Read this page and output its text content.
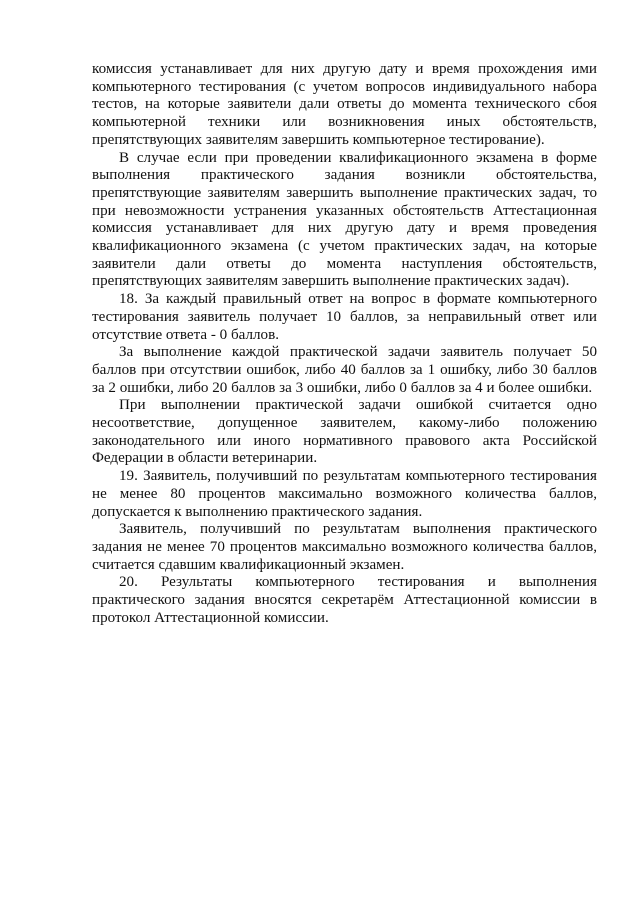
комиссия устанавливает для них другую дату и время прохождения ими компьютерного тестирования (с учетом вопросов индивидуального набора тестов, на которые заявители дали ответы до момента технического сбоя компьютерной техники или возникновения иных обстоятельств, препятствующих заявителям завершить компьютерное тестирование).

В случае если при проведении квалификационного экзамена в форме выполнения практического задания возникли обстоятельства, препятствующие заявителям завершить выполнение практических задач, то при невозможности устранения указанных обстоятельств Аттестационная комиссия устанавливает для них другую дату и время проведения квалификационного экзамена (с учетом практических задач, на которые заявители дали ответы до момента наступления обстоятельств, препятствующих заявителям завершить выполнение практических задач).

18. За каждый правильный ответ на вопрос в формате компьютерного тестирования заявитель получает 10 баллов, за неправильный ответ или отсутствие ответа - 0 баллов.

За выполнение каждой практической задачи заявитель получает 50 баллов при отсутствии ошибок, либо 40 баллов за 1 ошибку, либо 30 баллов за 2 ошибки, либо 20 баллов за 3 ошибки, либо 0 баллов за 4 и более ошибки.

При выполнении практической задачи ошибкой считается одно несоответствие, допущенное заявителем, какому-либо положению законодательного или иного нормативного правового акта Российской Федерации в области ветеринарии.

19. Заявитель, получивший по результатам компьютерного тестирования не менее 80 процентов максимально возможного количества баллов, допускается к выполнению практического задания.

Заявитель, получивший по результатам выполнения практического задания не менее 70 процентов максимально возможного количества баллов, считается сдавшим квалификационный экзамен.

20. Результаты компьютерного тестирования и выполнения практического задания вносятся секретарём Аттестационной комиссии в протокол Аттестационной комиссии.
